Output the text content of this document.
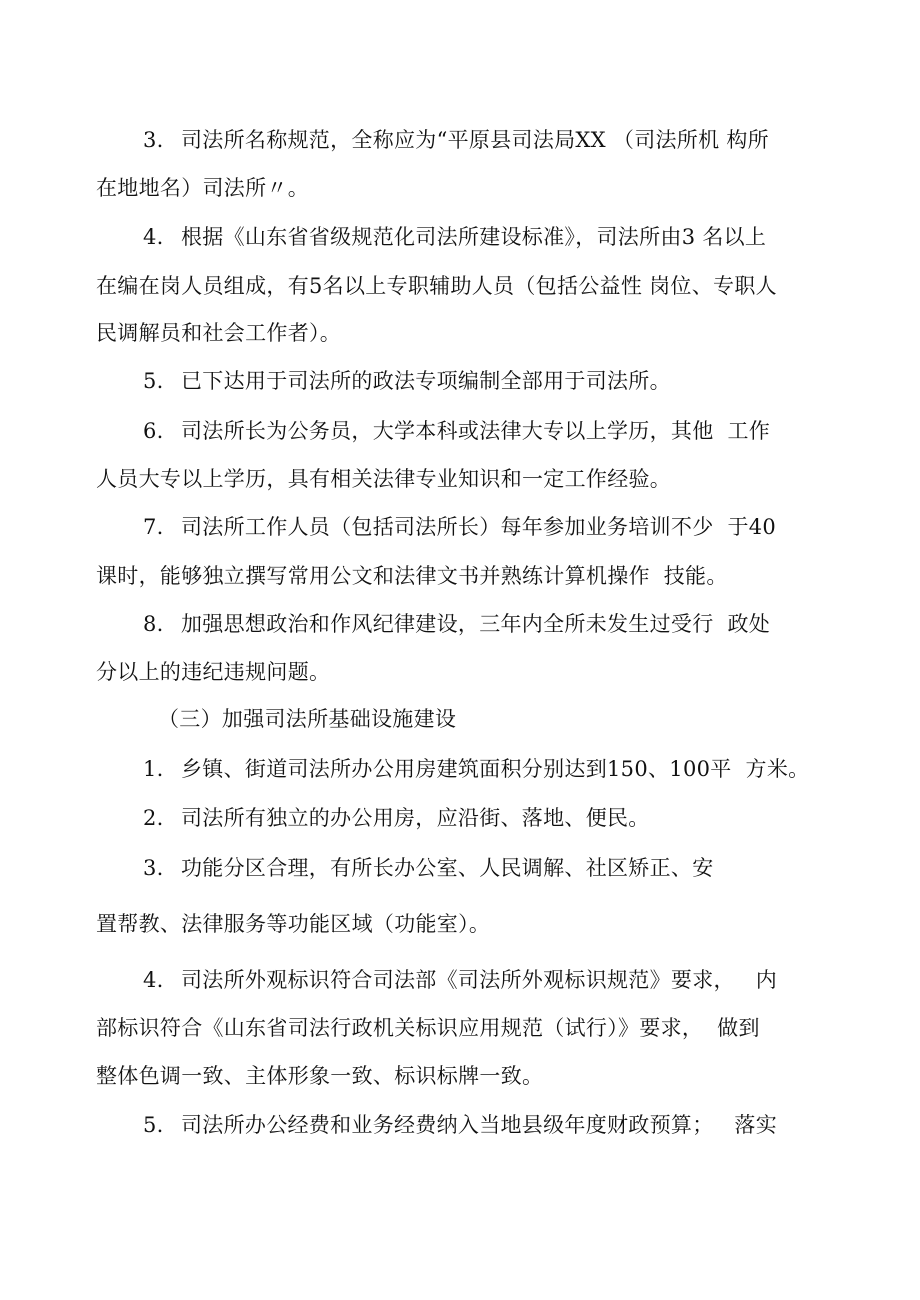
3. 司法所名称规范，全称应为“平原县司法局XX （司法所机 构所
在地地名）司法所〃。
4. 根据《山东省省级规范化司法所建设标准》，司法所由3 名以上
在编在岗人员组成，有5名以上专职辅助人员（包括公益性 岗位、专职人
民调解员和社会工作者）。
5. 已下达用于司法所的政法专项编制全部用于司法所。
6. 司法所长为公务员，大学本科或法律大专以上学历，其他  工作
人员大专以上学历，具有相关法律专业知识和一定工作经验。
7. 司法所工作人员（包括司法所长）每年参加业务培训不少  于40
课时，能够独立撰写常用公文和法律文书并熟练计算机操作  技能。
8. 加强思想政治和作风纪律建设，三年内全所未发生过受行  政处
分以上的违纪违规问题。
（三）加强司法所基础设施建设
1. 乡镇、街道司法所办公用房建筑面积分别达到150、100平  方米。
2. 司法所有独立的办公用房，应沿街、落地、便民。
3. 功能分区合理，有所长办公室、人民调解、社区矫正、安
置帮教、法律服务等功能区域（功能室）。
4. 司法所外观标识符合司法部《司法所外观标识规范》要求，   内
部标识符合《山东省司法行政机关标识应用规范（试行）》要求，  做到
整体色调一致、主体形象一致、标识标牌一致。
5. 司法所办公经费和业务经费纳入当地县级年度财政预算；   落实
